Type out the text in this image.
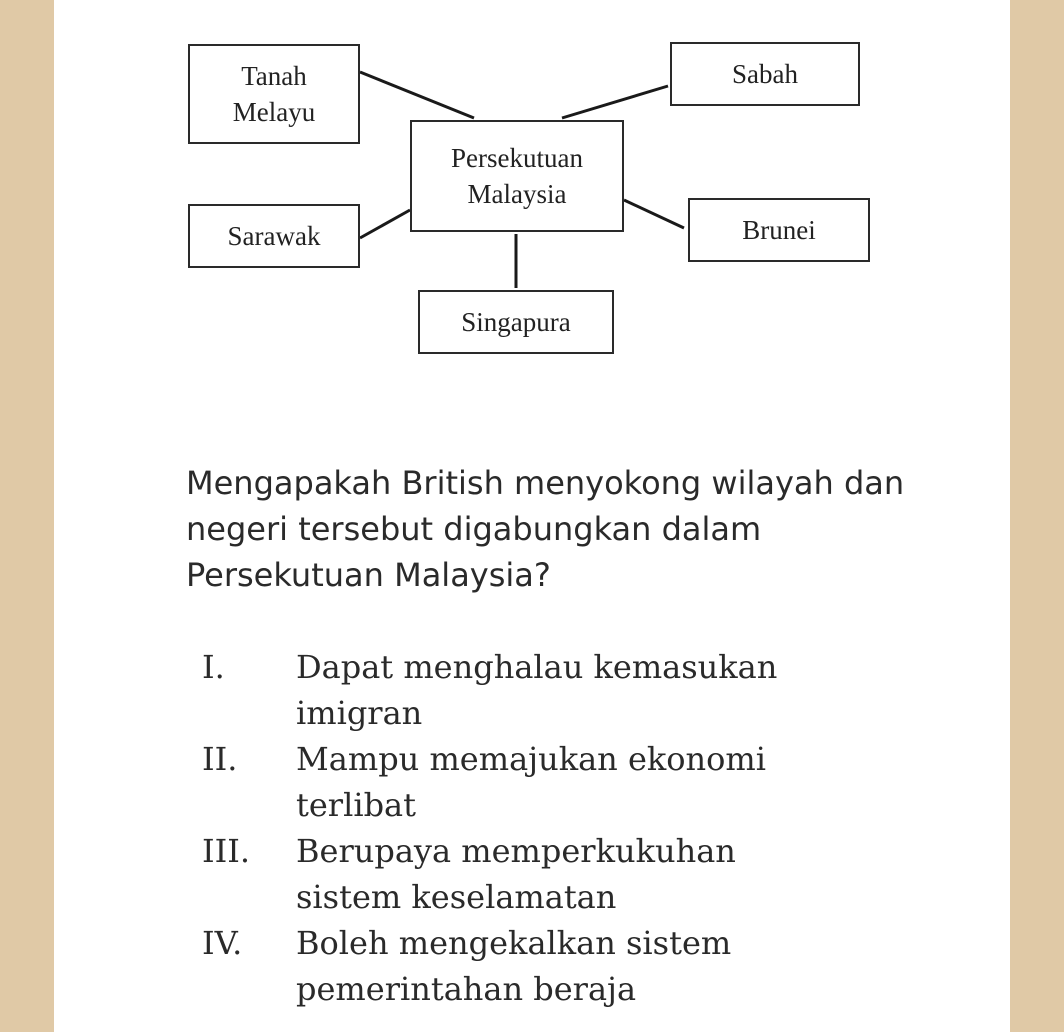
Tanah
Melayu
Sabah
Persekutuan
Malaysia
Sarawak	Brunei
Singapura
Mengapakah British menyokong wilayah dan negeri tersebut digabungkan dalam Persekutuan Malaysia?
I.	Dapat menghalau kemasukan
imigran
II.	Mampu memajukan ekonomi
terlibat
III.	Berupaya memperkukuhan
sistem keselamatan
IV.	Boleh mengekalkan sistem
pemerintahan beraja
